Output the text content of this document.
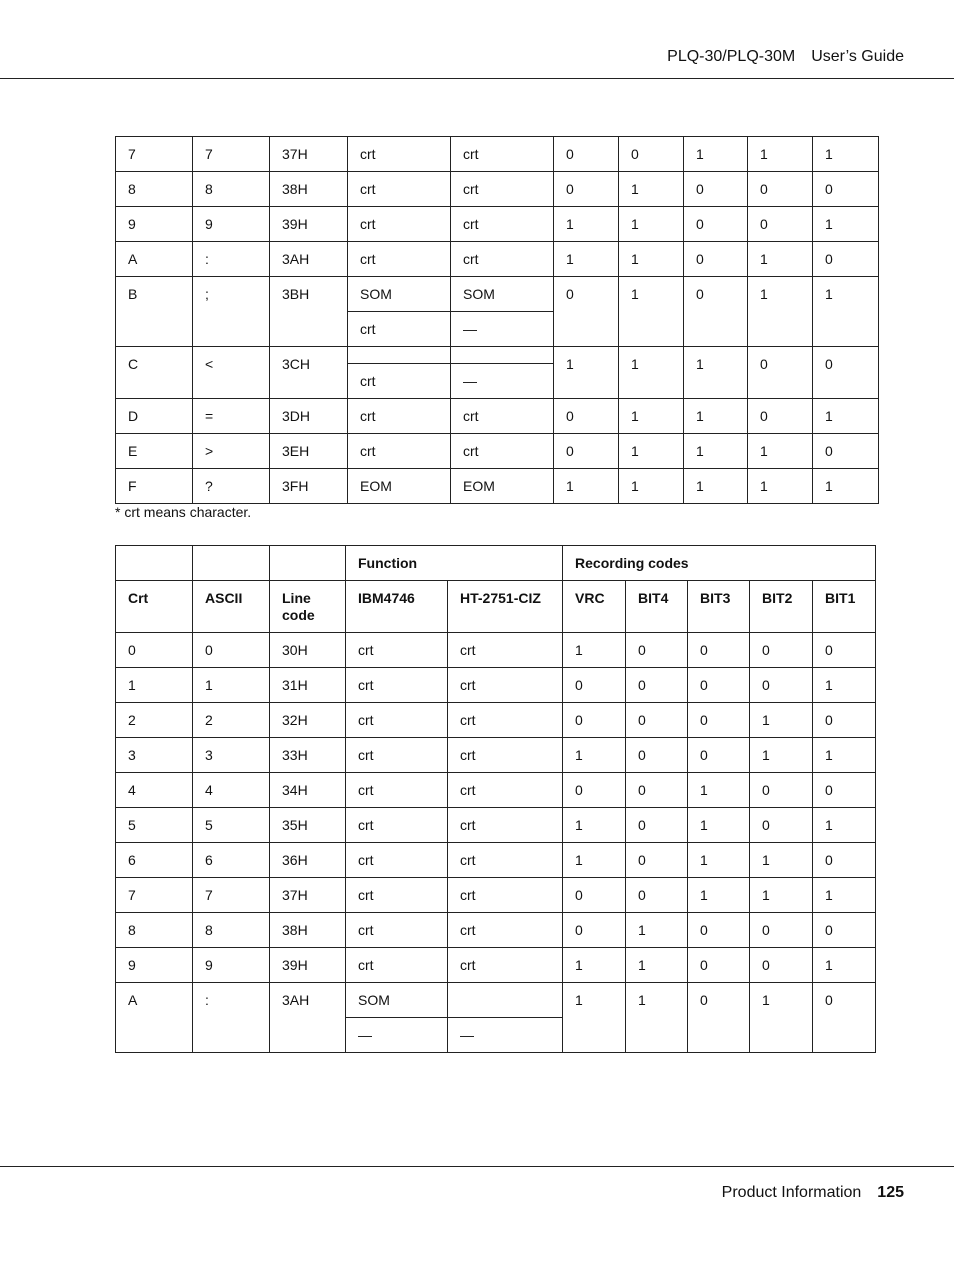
PLQ-30/PLQ-30M User’s Guide
7	7	37H	crt	crt	0	0	1	1	1
8	8	38H	crt	crt	0	1	0	0	0
9	9	39H	crt	crt	1	1	0	0	1
A	:	3AH	crt	crt	1	1	0	1	0
B	;	3BH	SOM	SOM	0	1	0	1	1
			crt	—					
C	<	3CH			1	1	1	0	0
			crt	—					
D	=	3DH	crt	crt	0	1	1	0	1
E	>	3EH	crt	crt	0	1	1	1	0
F	?	3FH	EOM	EOM	1	1	1	1	1
* crt means character.
			Function		Recording codes				
Crt	ASCII	Line code	IBM4746	HT-2751-CIZ	VRC	BIT4	BIT3	BIT2	BIT1
0	0	30H	crt	crt	1	0	0	0	0
1	1	31H	crt	crt	0	0	0	0	1
2	2	32H	crt	crt	0	0	0	1	0
3	3	33H	crt	crt	1	0	0	1	1
4	4	34H	crt	crt	0	0	1	0	0
5	5	35H	crt	crt	1	0	1	0	1
6	6	36H	crt	crt	1	0	1	1	0
7	7	37H	crt	crt	0	0	1	1	1
8	8	38H	crt	crt	0	1	0	0	0
9	9	39H	crt	crt	1	1	0	0	1
A	:	3AH	SOM		1	1	0	1	0
			—	—					
Product Information 125
